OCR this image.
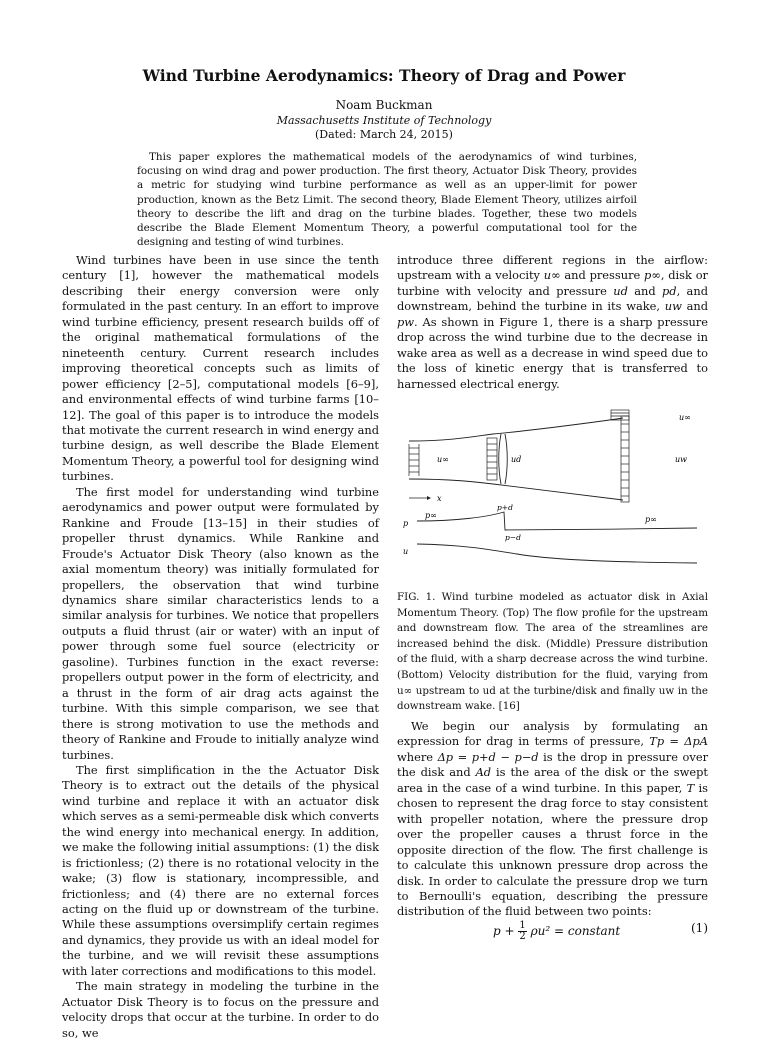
Wind Turbine Aerodynamics: Theory of Drag and Power
Noam Buckman
Massachusetts Institute of Technology
(Dated: March 24, 2015)
This paper explores the mathematical models of the aerodynamics of wind turbines, focusing on wind drag and power production. The first theory, Actuator Disk Theory, provides a metric for studying wind turbine performance as well as an upper-limit for power production, known as the Betz Limit. The second theory, Blade Element Theory, utilizes airfoil theory to describe the lift and drag on the turbine blades. Together, these two models describe the Blade Element Momentum Theory, a powerful computational tool for the designing and testing of wind turbines.

Wind turbines have been in use since the tenth century [1], however the mathematical models describing their energy conversion were only formulated in the past century. In an effort to improve wind turbine efficiency, present research builds off of the original mathematical formulations of the nineteenth century. Current research includes improving theoretical concepts such as limits of power efficiency [2–5], computational models [6–9], and environmental effects of wind turbine farms [10–12]. The goal of this paper is to introduce the models that motivate the current research in wind energy and turbine design, as well describe the Blade Element Momentum Theory, a powerful tool for designing wind turbines.

The first model for understanding wind turbine aerodynamics and power output were formulated by Rankine and Froude [13–15] in their studies of propeller thrust dynamics. While Rankine and Froude's Actuator Disk Theory (also known as the axial momentum theory) was initially formulated for propellers, the observation that wind turbine dynamics share similar characteristics lends to a similar analysis for turbines. We notice that propellers outputs a fluid thrust (air or water) with an input of power through some fuel source (electricity or gasoline). Turbines function in the exact reverse: propellers output power in the form of electricity, and a thrust in the form of air drag acts against the turbine. With this simple comparison, we see that there is strong motivation to use the methods and theory of Rankine and Froude to initially analyze wind turbines.

The first simplification in the the Actuator Disk Theory is to extract out the details of the physical wind turbine and replace it with an actuator disk which serves as a semi-permeable disk which converts the wind energy into mechanical energy. In addition, we make the following initial assumptions: (1) the disk is frictionless; (2) there is no rotational velocity in the wake; (3) flow is stationary, incompressible, and frictionless; and (4) there are no external forces acting on the fluid up or downstream of the turbine. While these assumptions oversimplify certain regimes and dynamics, they provide us with an ideal model for the turbine, and we will revisit these assumptions with later corrections and modifications to this model.

The main strategy in modeling the turbine in the Actuator Disk Theory is to focus on the pressure and velocity drops that occur at the turbine. In order to do so, we

introduce three different regions in the airflow: upstream with a velocity u∞ and pressure p∞, disk or turbine with velocity and pressure ud and pd, and downstream, behind the turbine in its wake, uw and pw. As shown in Figure 1, there is a sharp pressure drop across the wind turbine due to the decrease in wake area as well as a decrease in wind speed due to the loss of kinetic energy that is transferred to harnessed electrical energy.

u∞	ud	uw
u∞
x
p
p∞
p+d
p−d
p∞
u
FIG. 1. Wind turbine modeled as actuator disk in Axial Momentum Theory. (Top) The flow profile for the upstream and downstream flow. The area of the streamlines are increased behind the disk. (Middle) Pressure distribution of the fluid, with a sharp decrease across the wind turbine. (Bottom) Velocity distribution for the fluid, varying from u∞ upstream to ud at the turbine/disk and finally uw in the downstream wake. [16]

We begin our analysis by formulating an expression for drag in terms of pressure, Tp = ΔpA where Δp = p+d − p−d is the drop in pressure over the disk and Ad is the area of the disk or the swept area in the case of a wind turbine. In this paper, T is chosen to represent the drag force to stay consistent with propeller notation, where the pressure drop over the propeller causes a thrust force in the opposite direction of the flow. The first challenge is to calculate this unknown pressure drop across the disk. In order to calculate the pressure drop we turn to Bernoulli's equation, describing the pressure distribution of the fluid between two points:

$p + \frac{1}{2} \rho u^2$ = constant	(1)
